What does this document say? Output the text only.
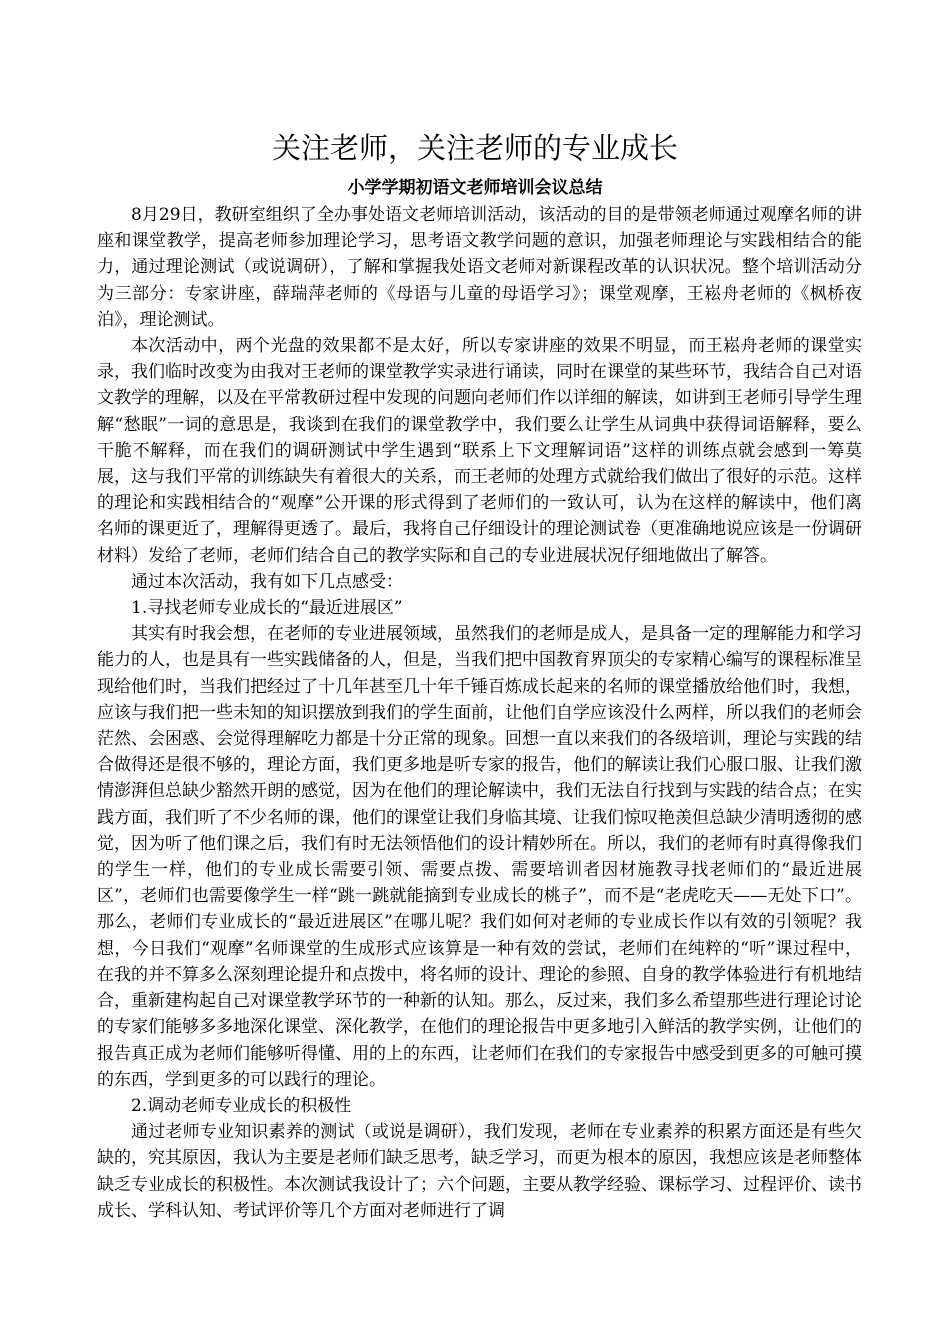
关注老师，关注老师的专业成长
小学学期初语文老师培训会议总结

8月29日，教研室组织了全办事处语文老师培训活动，该活动的目的是带领老师通过观摩名师的讲座和课堂教学，提高老师参加理论学习，思考语文教学问题的意识，加强老师理论与实践相结合的能力，通过理论测试（或说调研），了解和掌握我处语文老师对新课程改革的认识状况。整个培训活动分为三部分：专家讲座，薛瑞萍老师的《母语与儿童的母语学习》；课堂观摩，王崧舟老师的《枫桥夜泊》，理论测试。

本次活动中，两个光盘的效果都不是太好，所以专家讲座的效果不明显，而王崧舟老师的课堂实录，我们临时改变为由我对王老师的课堂教学实录进行诵读，同时在课堂的某些环节，我结合自己对语文教学的理解，以及在平常教研过程中发现的问题向老师们作以详细的解读，如讲到王老师引导学生理解“愁眠”一词的意思是，我谈到在我们的课堂教学中，我们要么让学生从词典中获得词语解释，要么干脆不解释，而在我们的调研测试中学生遇到“联系上下文理解词语”这样的训练点就会感到一筹莫展，这与我们平常的训练缺失有着很大的关系，而王老师的处理方式就给我们做出了很好的示范。这样的理论和实践相结合的“观摩”公开课的形式得到了老师们的一致认可，认为在这样的解读中，他们离名师的课更近了，理解得更透了。最后，我将自己仔细设计的理论测试卷（更准确地说应该是一份调研材料）发给了老师，老师们结合自己的教学实际和自己的专业进展状况仔细地做出了解答。

通过本次活动，我有如下几点感受：

1.寻找老师专业成长的“最近进展区”

其实有时我会想，在老师的专业进展领域，虽然我们的老师是成人，是具备一定的理解能力和学习能力的人，也是具有一些实践储备的人，但是，当我们把中国教育界顶尖的专家精心编写的课程标准呈现给他们时，当我们把经过了十几年甚至几十年千锤百炼成长起来的名师的课堂播放给他们时，我想，应该与我们把一些未知的知识摆放到我们的学生面前，让他们自学应该没什么两样，所以我们的老师会茫然、会困惑、会觉得理解吃力都是十分正常的现象。回想一直以来我们的各级培训，理论与实践的结合做得还是很不够的，理论方面，我们更多地是听专家的报告，他们的解读让我们心服口服、让我们激情澎湃但总缺少豁然开朗的感觉，因为在他们的理论解读中，我们无法自行找到与实践的结合点；在实践方面，我们听了不少名师的课，他们的课堂让我们身临其境、让我们惊叹艳羡但总缺少清明透彻的感觉，因为听了他们课之后，我们有时无法领悟他们的设计精妙所在。所以，我们的老师有时真得像我们的学生一样，他们的专业成长需要引领、需要点拨、需要培训者因材施教寻找老师们的“最近进展区”，老师们也需要像学生一样“跳一跳就能摘到专业成长的桃子”，而不是“老虎吃天——无处下口”。那么，老师们专业成长的“最近进展区”在哪儿呢？我们如何对老师的专业成长作以有效的引领呢？我想，今日我们“观摩”名师课堂的生成形式应该算是一种有效的尝试，老师们在纯粹的“听”课过程中，在我的并不算多么深刻理论提升和点拨中，将名师的设计、理论的参照、自身的教学体验进行有机地结合，重新建构起自己对课堂教学环节的一种新的认知。那么，反过来，我们多么希望那些进行理论讨论的专家们能够多多地深化课堂、深化教学，在他们的理论报告中更多地引入鲜活的教学实例，让他们的报告真正成为老师们能够听得懂、用的上的东西，让老师们在我们的专家报告中感受到更多的可触可摸的东西，学到更多的可以践行的理论。

2.调动老师专业成长的积极性

通过老师专业知识素养的测试（或说是调研），我们发现，老师在专业素养的积累方面还是有些欠缺的，究其原因，我认为主要是老师们缺乏思考，缺乏学习，而更为根本的原因，我想应该是老师整体缺乏专业成长的积极性。本次测试我设计了；六个问题，主要从教学经验、课标学习、过程评价、读书成长、学科认知、考试评价等几个方面对老师进行了调
